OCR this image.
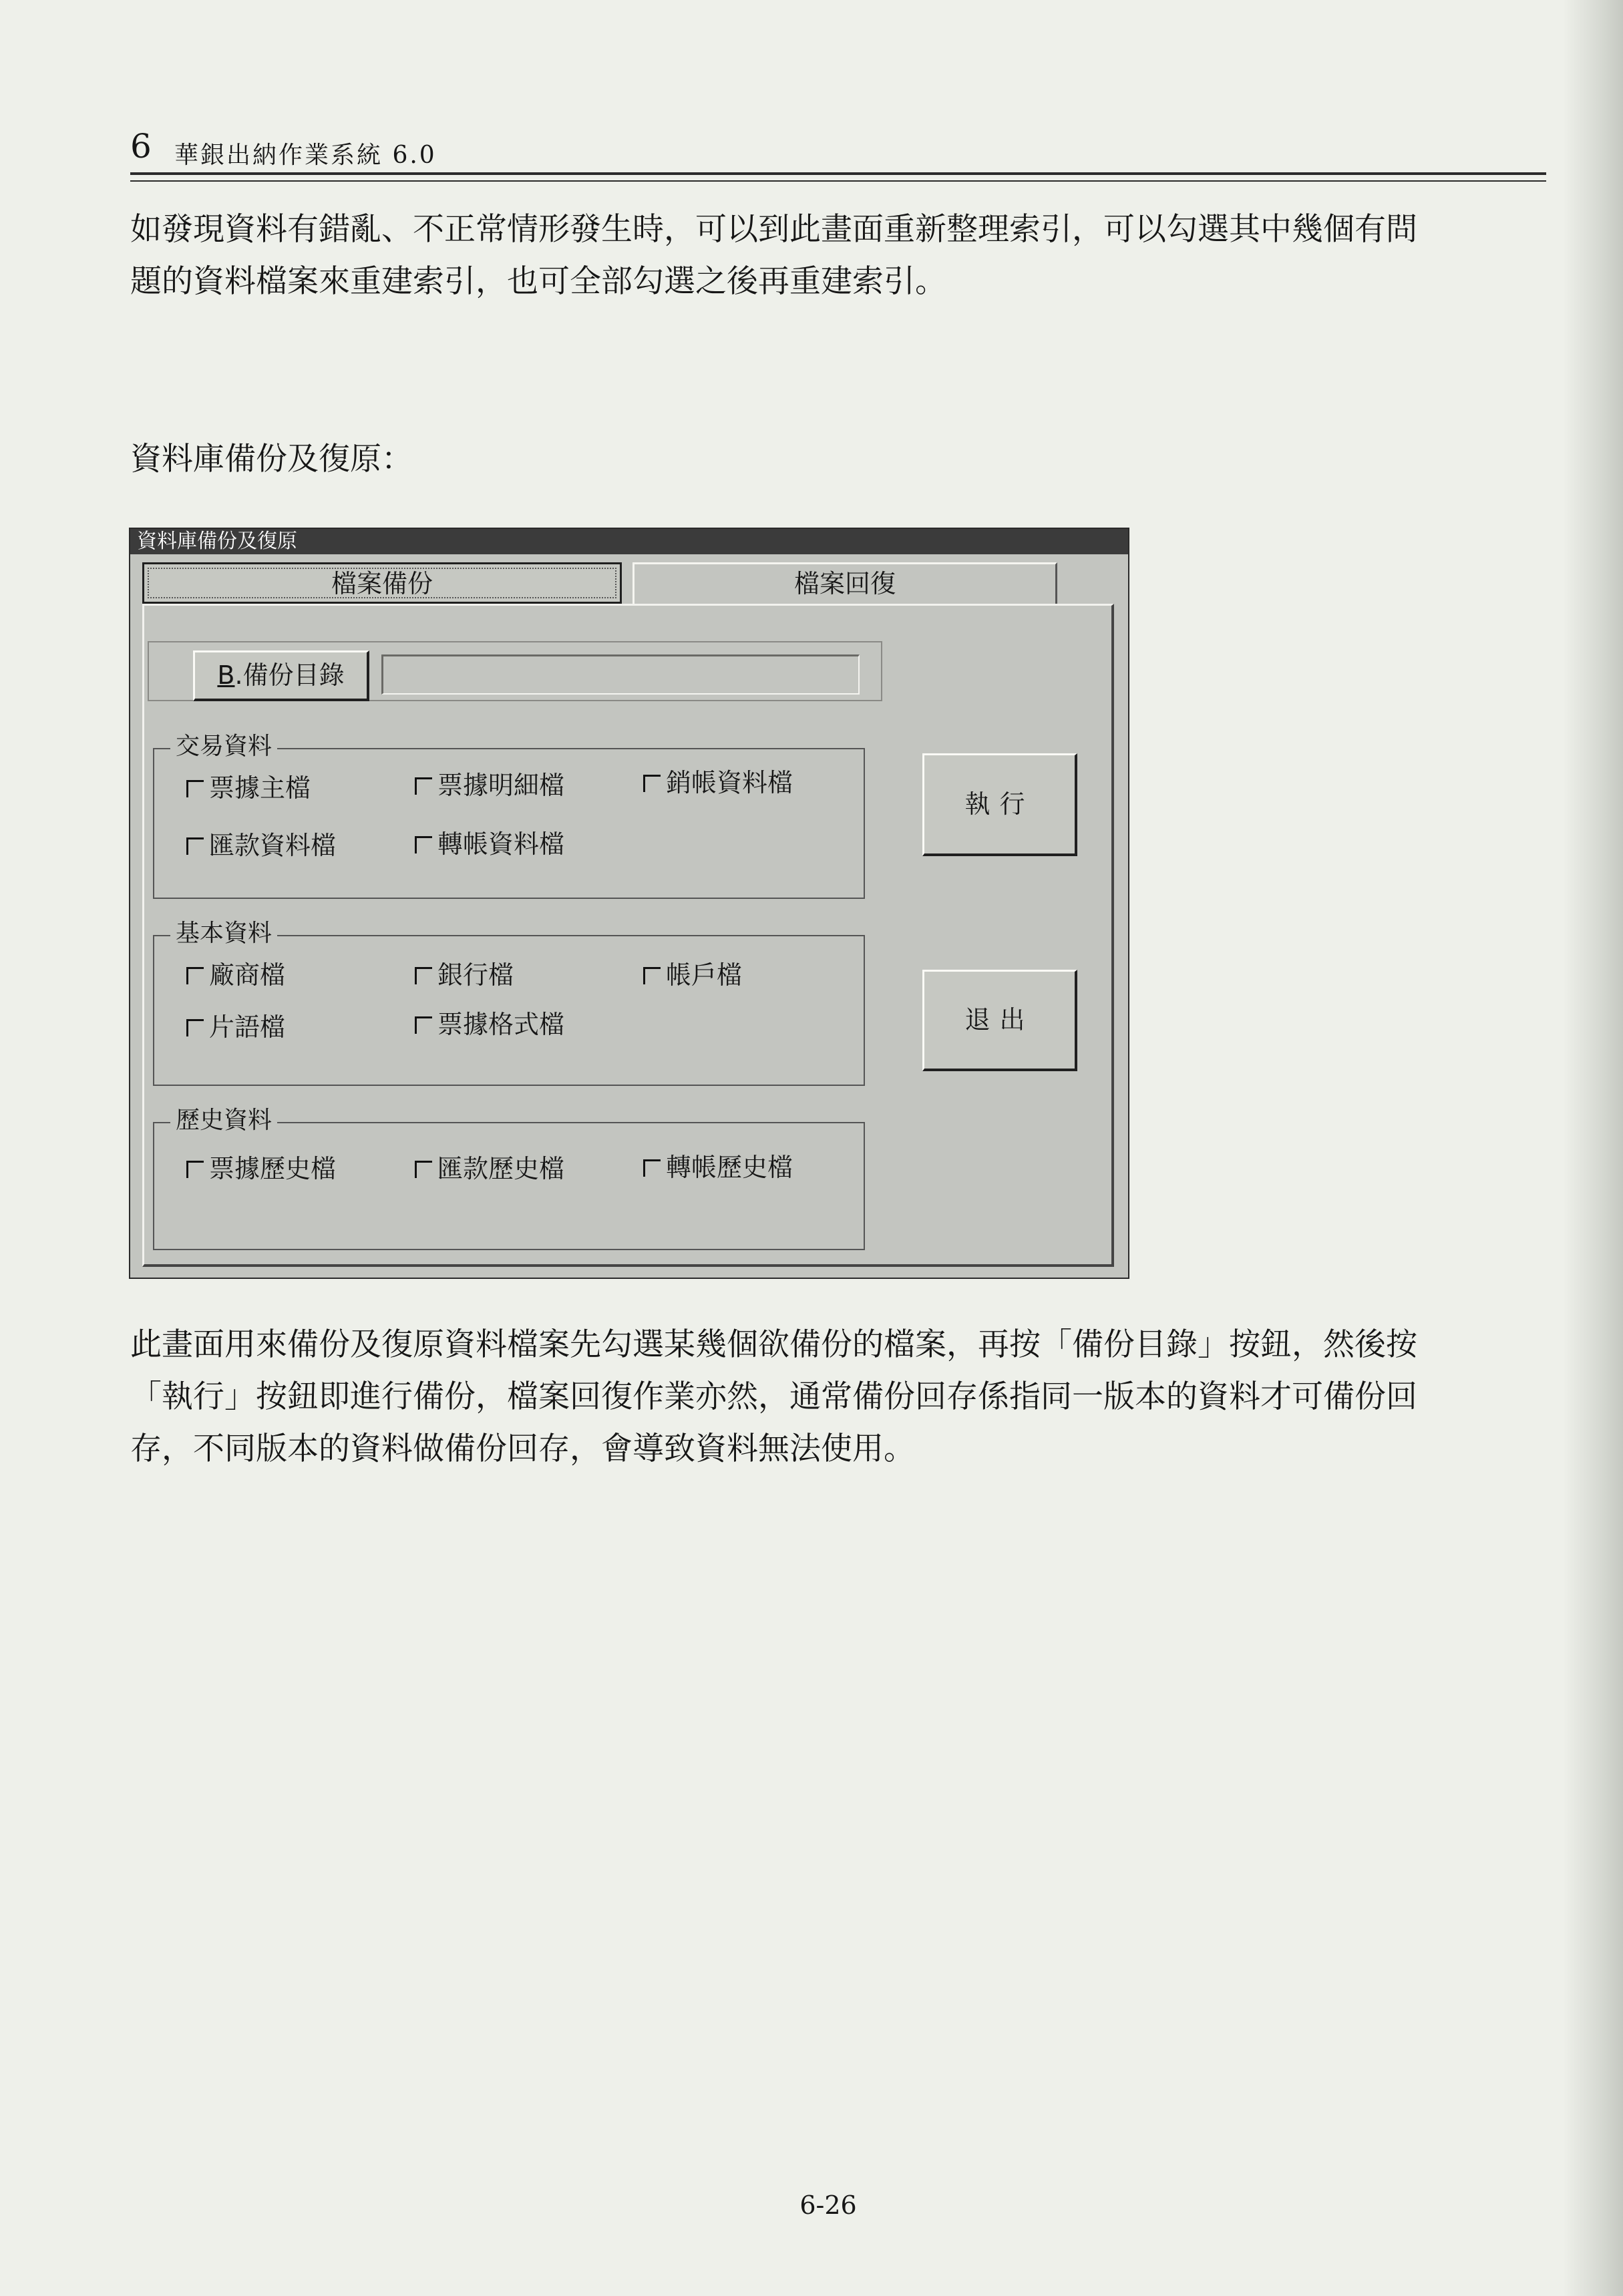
6 華銀出納作業系統 6.0
如發現資料有錯亂、不正常情形發生時，可以到此畫面重新整理索引，可以勾選其中幾個有問
題的資料檔案來重建索引，也可全部勾選之後再重建索引。
資料庫備份及復原：
資料庫備份及復原
檔案備份	檔案回復
B.備份目錄
交易資料
票據主檔	票據明細檔	銷帳資料檔
匯款資料檔	轉帳資料檔
基本資料
廠商檔	銀行檔	帳戶檔
片語檔	票據格式檔
歷史資料
票據歷史檔	匯款歷史檔	轉帳歷史檔
執行
退出
此畫面用來備份及復原資料檔案先勾選某幾個欲備份的檔案，再按「備份目錄」按鈕，然後按
「執行」按鈕即進行備份，檔案回復作業亦然，通常備份回存係指同一版本的資料才可備份回
存，不同版本的資料做備份回存，會導致資料無法使用。
6-26
